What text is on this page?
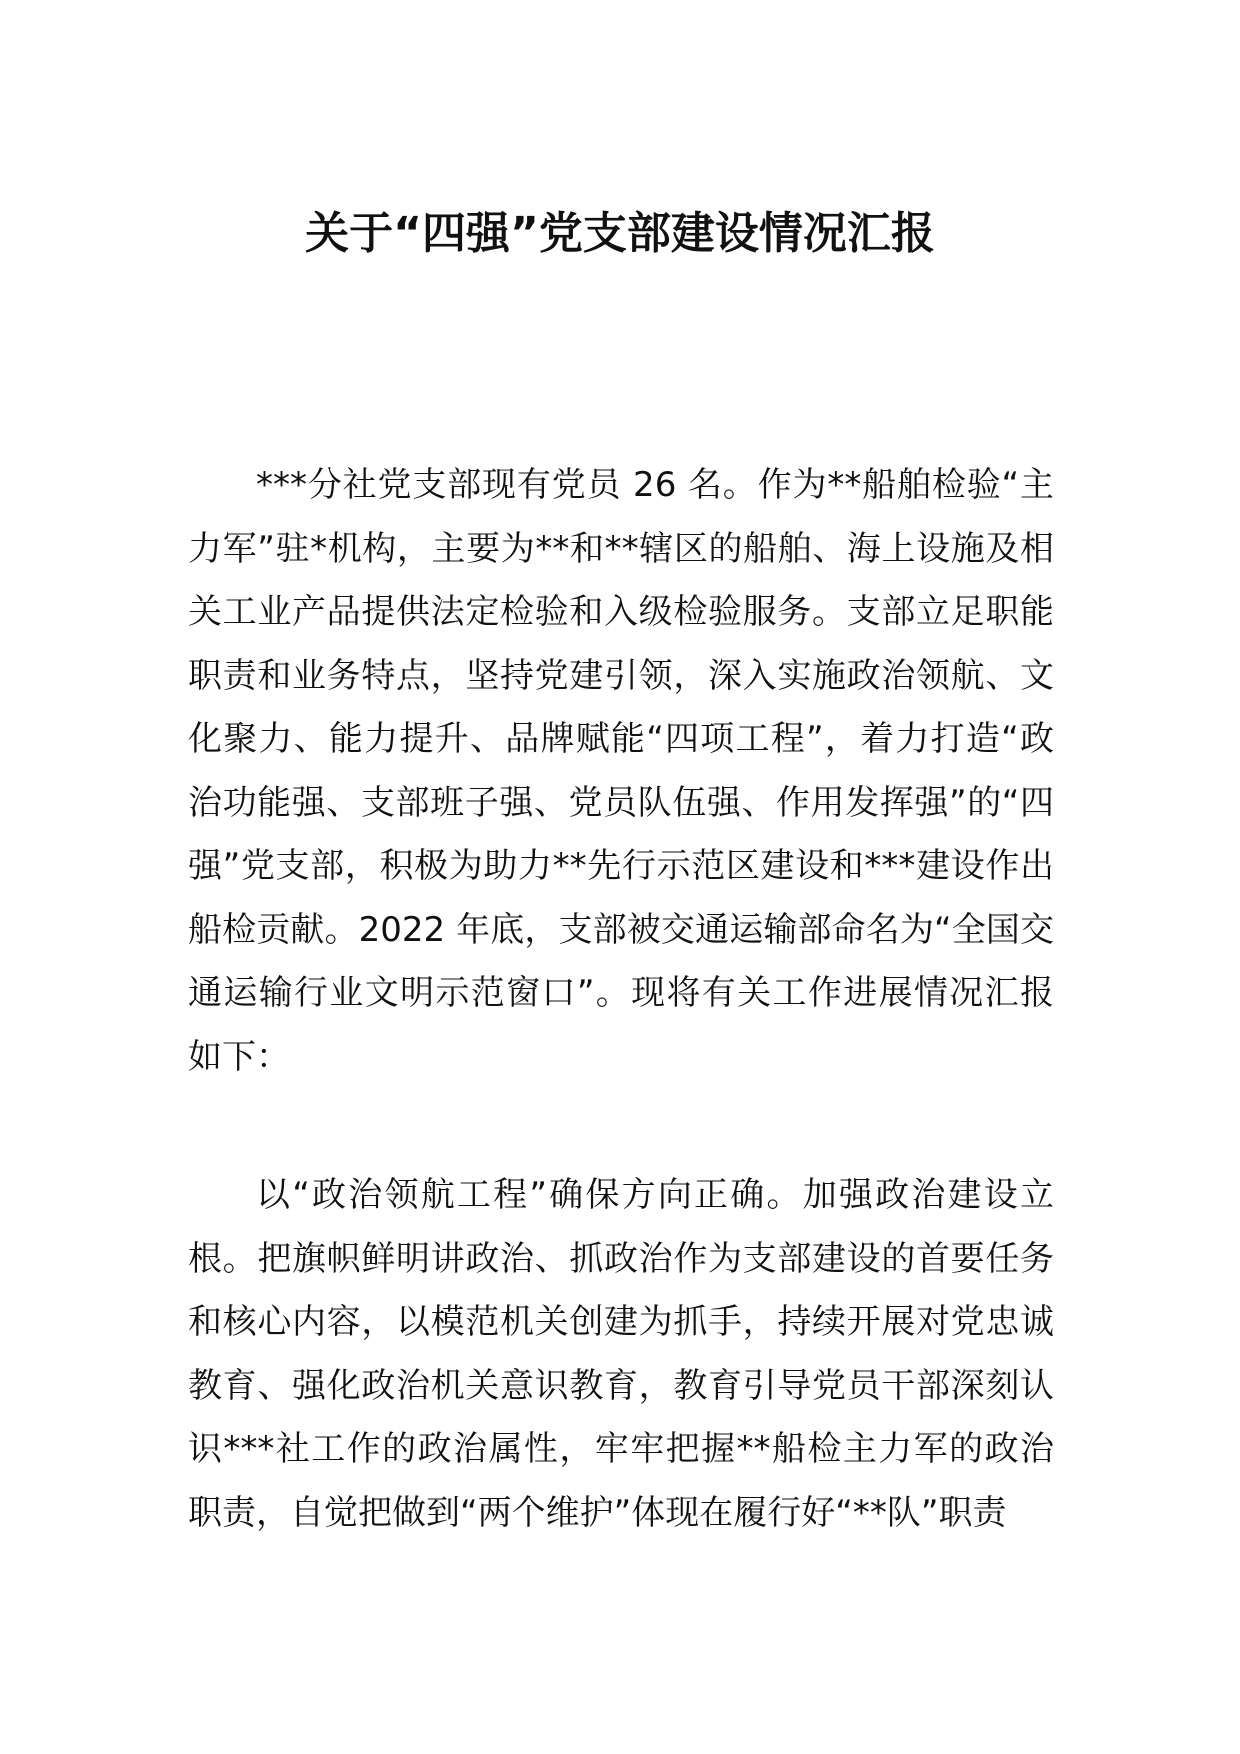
关于“四强”党支部建设情况汇报

***分社党支部现有党员 26 名。作为**船舶检验“主力军”驻*机构，主要为**和**辖区的船舶、海上设施及相关工业产品提供法定检验和入级检验服务。支部立足职能职责和业务特点，坚持党建引领，深入实施政治领航、文化聚力、能力提升、品牌赋能“四项工程”，着力打造“政治功能强、支部班子强、党员队伍强、作用发挥强”的“四强”党支部，积极为助力**先行示范区建设和***建设作出船检贡献。2022 年底，支部被交通运输部命名为“全国交通运输行业文明示范窗口”。现将有关工作进展情况汇报如下：

以“政治领航工程”确保方向正确。加强政治建设立根。把旗帜鲜明讲政治、抓政治作为支部建设的首要任务和核心内容，以模范机关创建为抓手，持续开展对党忠诚教育、强化政治机关意识教育，教育引导党员干部深刻认识***社工作的政治属性，牢牢把握**船检主力军的政治职责，自觉把做到“两个维护”体现在履行好“**队”职责
